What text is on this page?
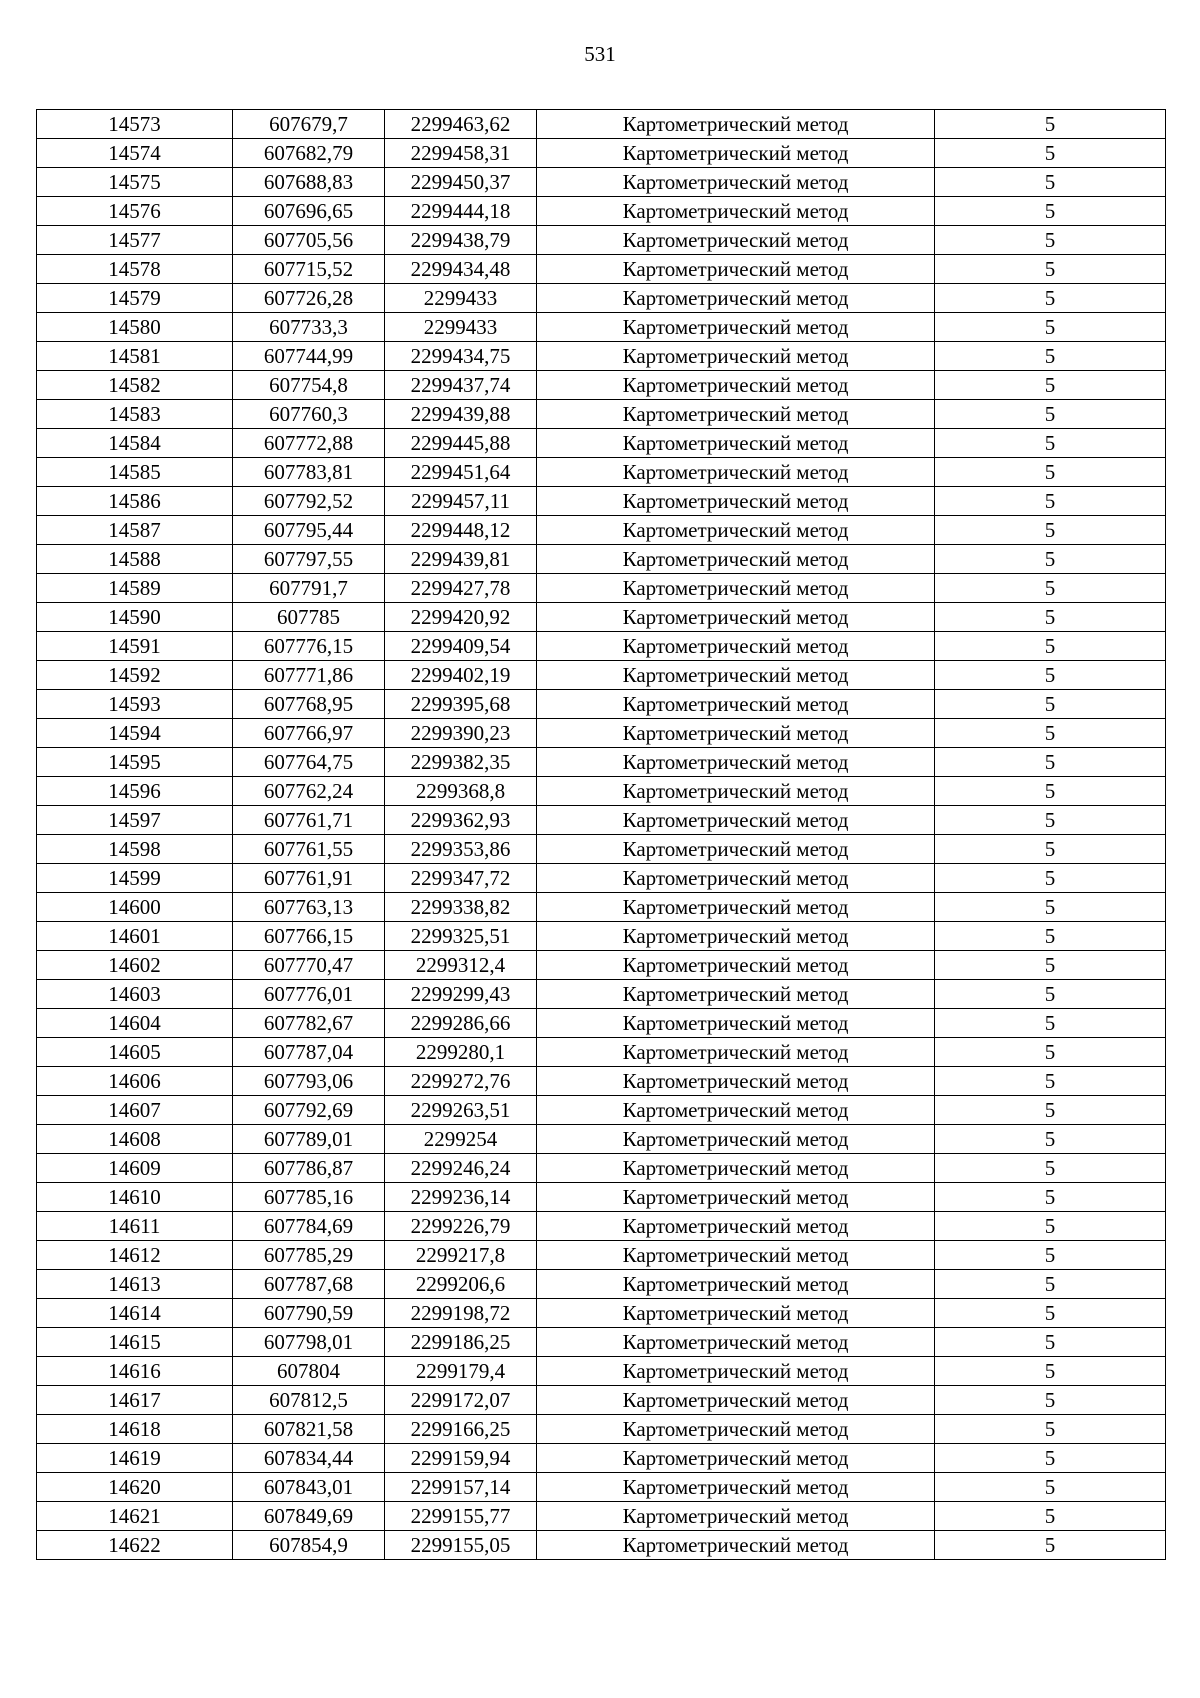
531
14573	607679,7	2299463,62	Картометрический метод	5
14574	607682,79	2299458,31	Картометрический метод	5
14575	607688,83	2299450,37	Картометрический метод	5
14576	607696,65	2299444,18	Картометрический метод	5
14577	607705,56	2299438,79	Картометрический метод	5
14578	607715,52	2299434,48	Картометрический метод	5
14579	607726,28	2299433	Картометрический метод	5
14580	607733,3	2299433	Картометрический метод	5
14581	607744,99	2299434,75	Картометрический метод	5
14582	607754,8	2299437,74	Картометрический метод	5
14583	607760,3	2299439,88	Картометрический метод	5
14584	607772,88	2299445,88	Картометрический метод	5
14585	607783,81	2299451,64	Картометрический метод	5
14586	607792,52	2299457,11	Картометрический метод	5
14587	607795,44	2299448,12	Картометрический метод	5
14588	607797,55	2299439,81	Картометрический метод	5
14589	607791,7	2299427,78	Картометрический метод	5
14590	607785	2299420,92	Картометрический метод	5
14591	607776,15	2299409,54	Картометрический метод	5
14592	607771,86	2299402,19	Картометрический метод	5
14593	607768,95	2299395,68	Картометрический метод	5
14594	607766,97	2299390,23	Картометрический метод	5
14595	607764,75	2299382,35	Картометрический метод	5
14596	607762,24	2299368,8	Картометрический метод	5
14597	607761,71	2299362,93	Картометрический метод	5
14598	607761,55	2299353,86	Картометрический метод	5
14599	607761,91	2299347,72	Картометрический метод	5
14600	607763,13	2299338,82	Картометрический метод	5
14601	607766,15	2299325,51	Картометрический метод	5
14602	607770,47	2299312,4	Картометрический метод	5
14603	607776,01	2299299,43	Картометрический метод	5
14604	607782,67	2299286,66	Картометрический метод	5
14605	607787,04	2299280,1	Картометрический метод	5
14606	607793,06	2299272,76	Картометрический метод	5
14607	607792,69	2299263,51	Картометрический метод	5
14608	607789,01	2299254	Картометрический метод	5
14609	607786,87	2299246,24	Картометрический метод	5
14610	607785,16	2299236,14	Картометрический метод	5
14611	607784,69	2299226,79	Картометрический метод	5
14612	607785,29	2299217,8	Картометрический метод	5
14613	607787,68	2299206,6	Картометрический метод	5
14614	607790,59	2299198,72	Картометрический метод	5
14615	607798,01	2299186,25	Картометрический метод	5
14616	607804	2299179,4	Картометрический метод	5
14617	607812,5	2299172,07	Картометрический метод	5
14618	607821,58	2299166,25	Картометрический метод	5
14619	607834,44	2299159,94	Картометрический метод	5
14620	607843,01	2299157,14	Картометрический метод	5
14621	607849,69	2299155,77	Картометрический метод	5
14622	607854,9	2299155,05	Картометрический метод	5
